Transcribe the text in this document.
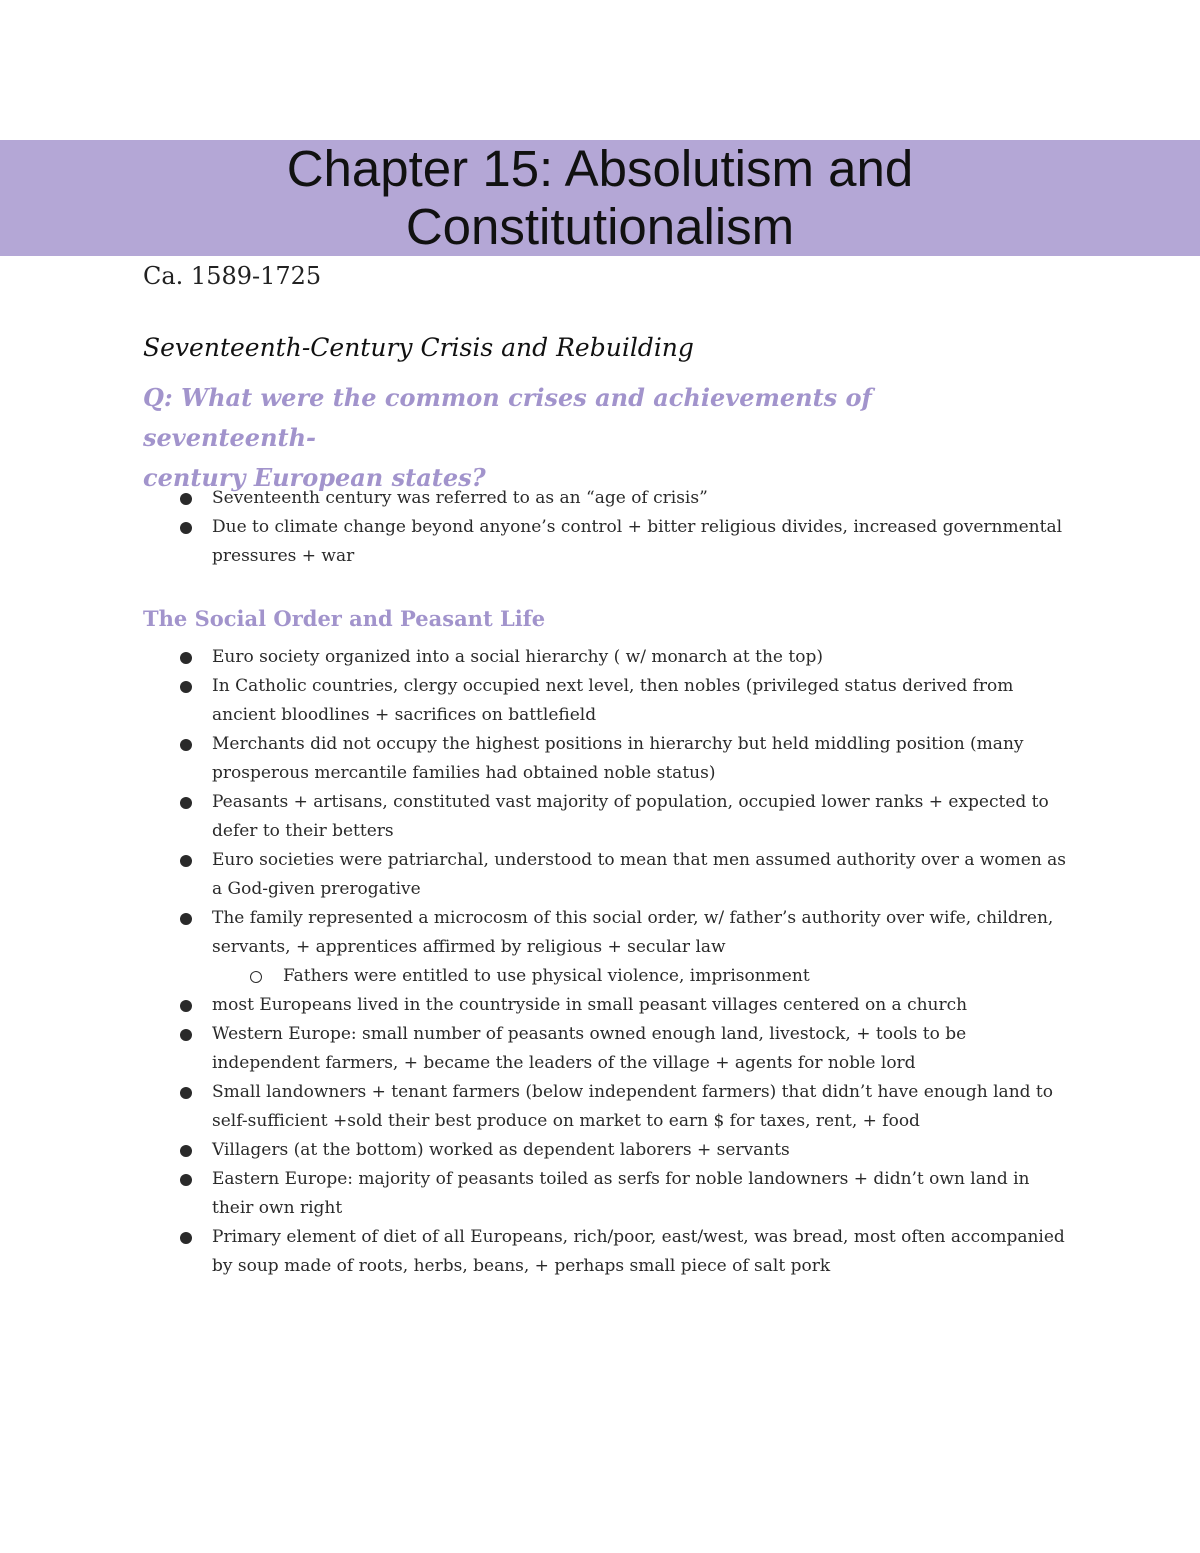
Chapter 15: Absolutism and
Constitutionalism
Ca. 1589-1725
Seventeenth-Century Crisis and Rebuilding
Q: What were the common crises and achievements of seventeenth-
century European states?
Seventeenth century was referred to as an “age of crisis”
Due to climate change beyond anyone’s control + bitter religious divides, increased governmental pressures + war
The Social Order and Peasant Life
Euro society organized into a social hierarchy ( w/ monarch at the top)
In Catholic countries, clergy occupied next level, then nobles (privileged status derived from ancient bloodlines + sacrifices on battlefield
Merchants did not occupy the highest positions in hierarchy but held middling position (many prosperous mercantile families had obtained noble status)
Peasants + artisans, constituted vast majority of population, occupied lower ranks + expected to defer to their betters
Euro societies were patriarchal, understood to mean that men assumed authority over a women as a God-given prerogative
The family represented a microcosm of this social order, w/ father’s authority over wife, children, servants, + apprentices affirmed by religious + secular law
Fathers were entitled to use physical violence, imprisonment
most Europeans lived in the countryside in small peasant villages centered on a church
Western Europe: small number of peasants owned enough land, livestock, + tools to be independent farmers, + became the leaders of the village + agents for noble lord
Small landowners + tenant farmers (below independent farmers) that didn’t have enough land to self-sufficient +sold their best produce on market to earn $ for taxes, rent, + food
Villagers (at the bottom) worked as dependent laborers + servants
Eastern Europe: majority of peasants toiled as serfs for noble landowners + didn’t own land in their own right
Primary element of diet of all Europeans, rich/poor, east/west, was bread, most often accompanied by soup made of roots, herbs, beans, + perhaps small piece of salt pork
